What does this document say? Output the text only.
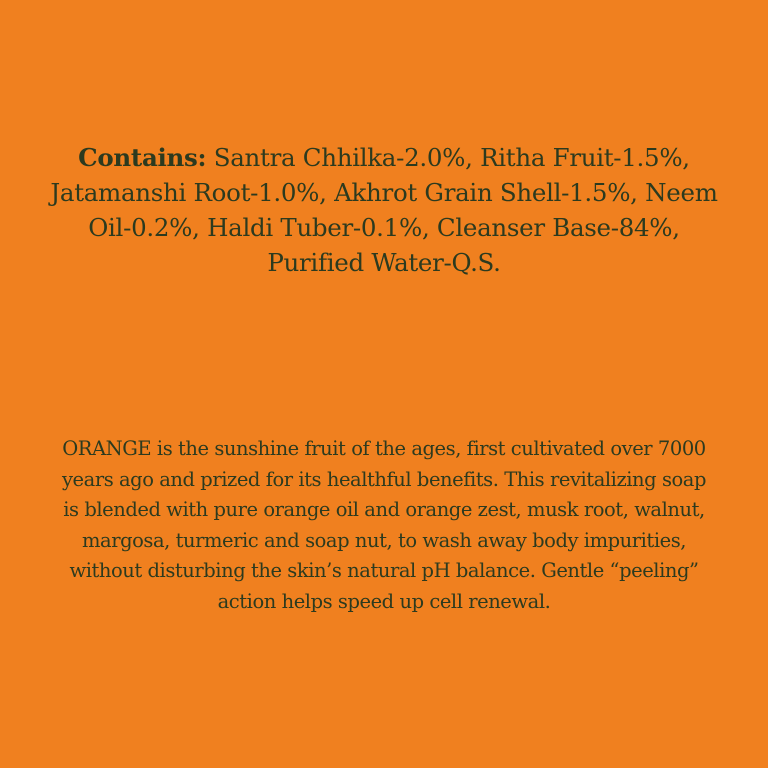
Contains: Santra Chhilka-2.0%, Ritha Fruit-1.5%,
Jatamanshi Root-1.0%, Akhrot Grain Shell-1.5%, Neem
Oil-0.2%, Haldi Tuber-0.1%, Cleanser Base-84%,
Purified Water-Q.S.

ORANGE is the sunshine fruit of the ages, first cultivated over 7000
years ago and prized for its healthful benefits. This revitalizing soap
is blended with pure orange oil and orange zest, musk root, walnut,
margosa, turmeric and soap nut, to wash away body impurities,
without disturbing the skin’s natural pH balance. Gentle “peeling”
action helps speed up cell renewal.
